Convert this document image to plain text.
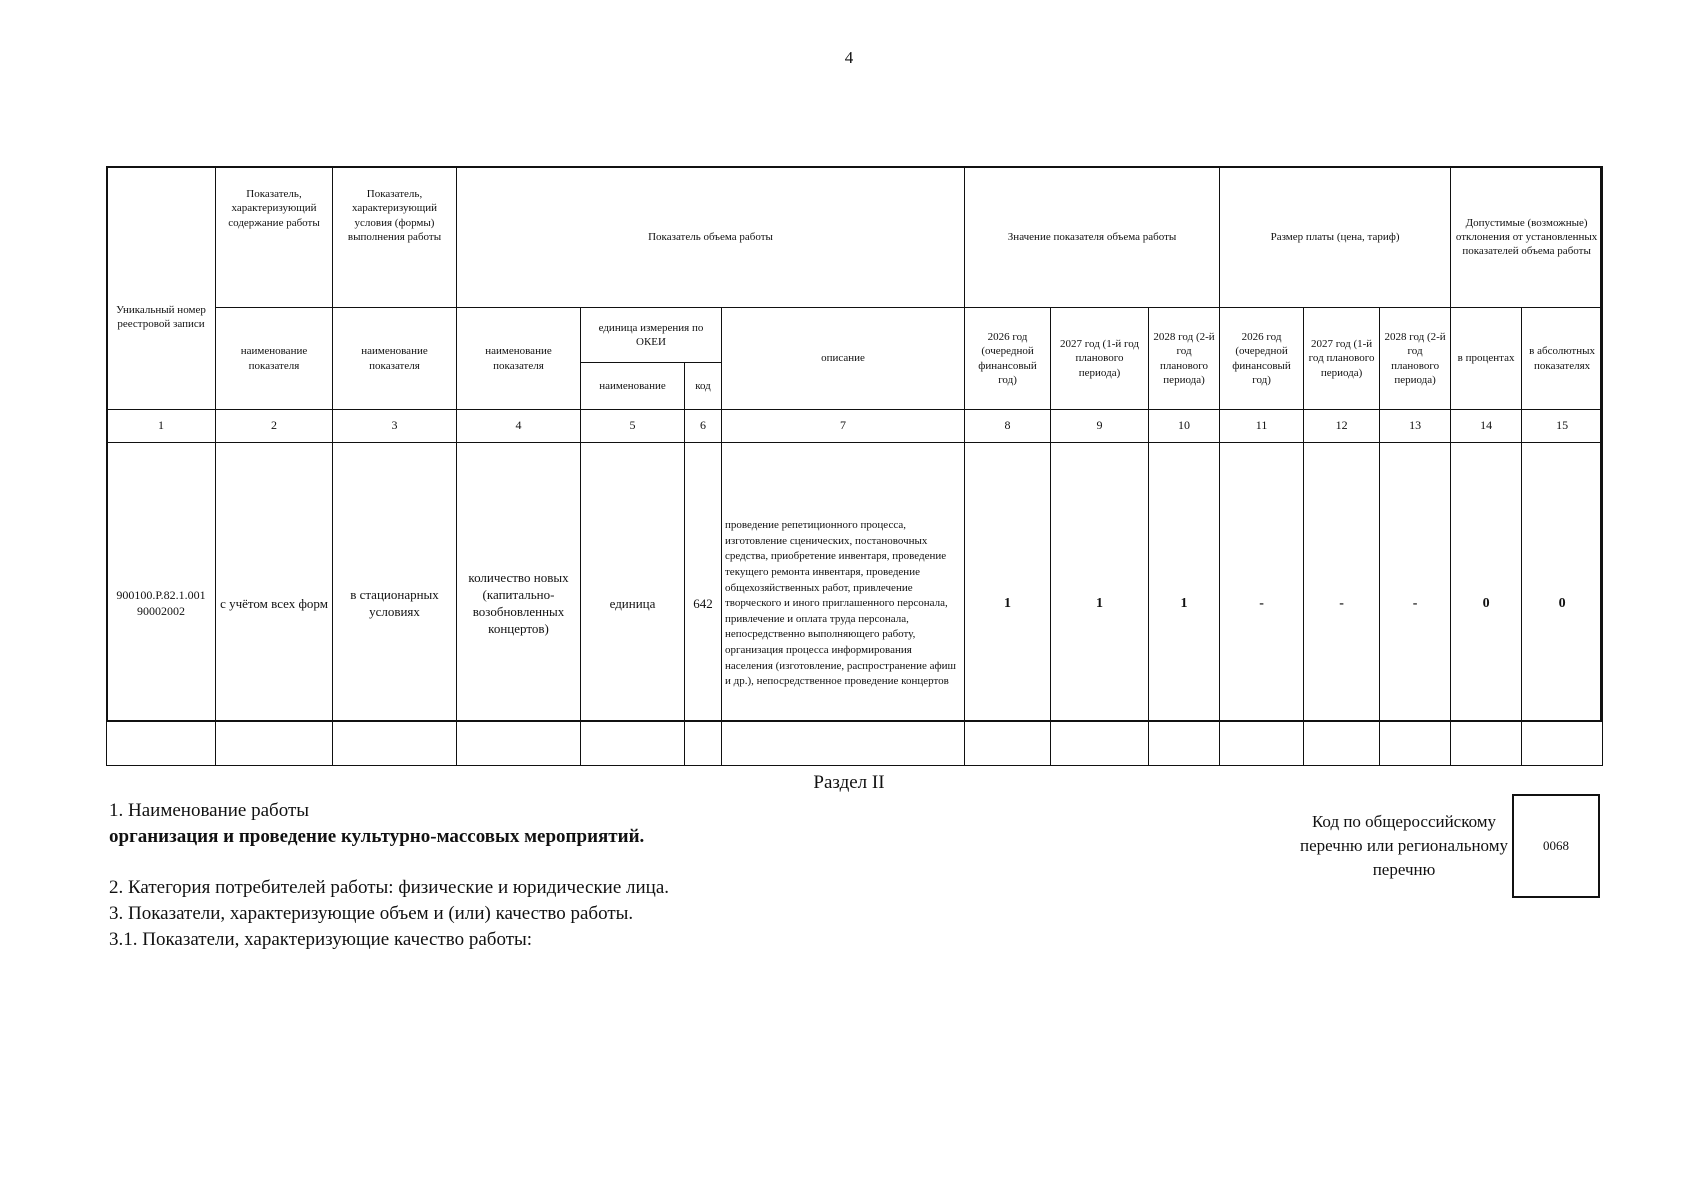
4
Уникальный номер реестровой записи	Показатель, характеризующий содержание работы	Показатель, характеризующий условия (формы) выполнения работы	Показатель объема работы				Значение показателя объема работы			Размер платы (цена, тариф)			Допустимые (возможные) отклонения от установленных показателей объема работы	
	наименование показателя	наименование показателя	наименование показателя	единица измерения по ОКЕИ		описание	2026 год (очередной финансовый год)	2027 год (1-й год планового периода)	2028 год (2-й год планового периода)	2026 год (очередной финансовый год)	2027 год (1-й год планового периода)	2028 год (2-й год планового периода)	в процентах	в абсолютных показателях
				наименование	код									
1	2	3	4	5	6	7	8	9	10	11	12	13	14	15
900100.Р.82.1.001 90002002	с учётом всех форм	в стационарных условиях	количество новых (капитально-возобновленных концертов)	единица	642	проведение репетиционного процесса, изготовление сценических, постановочных средства, приобретение инвентаря, проведение текущего ремонта инвентаря, проведение общехозяйственных работ, привлечение творческого и иного приглашенного персонала, привлечение и оплата труда персонала, непосредственно выполняющего работу, организация процесса информирования населения (изготовление, распространение афиш и др.), непосредственное проведение концертов	1	1	1	-	-	-	0	0
Раздел II
1. Наименование работы
организация и проведение культурно-массовых мероприятий.
2. Категория потребителей работы: физические и юридические лица.
3. Показатели, характеризующие объем и (или) качество работы.
3.1. Показатели, характеризующие качество работы:
Код по общероссийскому перечню или региональному перечню
0068
